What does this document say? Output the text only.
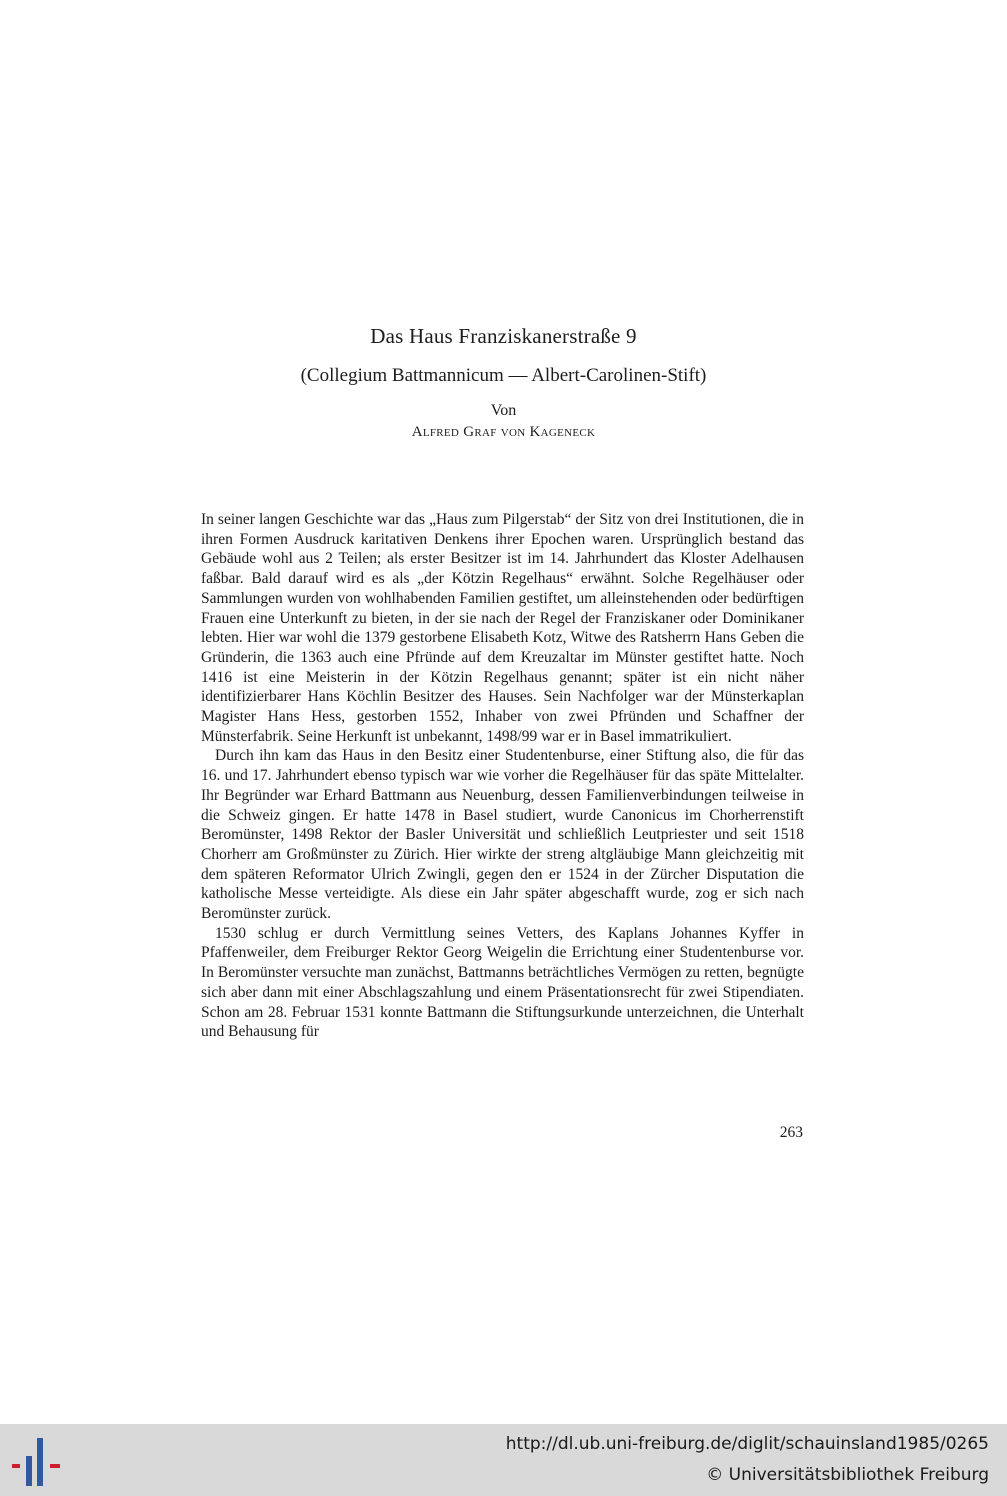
Das Haus Franziskanerstraße 9
(Collegium Battmannicum — Albert-Carolinen-Stift)
Von
Alfred Graf von Kageneck

In seiner langen Geschichte war das „Haus zum Pilgerstab“ der Sitz von drei Institutionen, die in ihren Formen Ausdruck karitativen Denkens ihrer Epochen waren. Ursprünglich bestand das Gebäude wohl aus 2 Teilen; als erster Besitzer ist im 14. Jahrhundert das Kloster Adelhausen faßbar. Bald darauf wird es als „der Kötzin Regelhaus“ erwähnt. Solche Regelhäuser oder Sammlungen wurden von wohlhabenden Familien gestiftet, um alleinstehenden oder bedürftigen Frauen eine Unterkunft zu bieten, in der sie nach der Regel der Franziskaner oder Dominikaner lebten. Hier war wohl die 1379 gestorbene Elisabeth Kotz, Witwe des Ratsherrn Hans Geben die Gründerin, die 1363 auch eine Pfründe auf dem Kreuzaltar im Münster gestiftet hatte. Noch 1416 ist eine Meisterin in der Kötzin Regelhaus genannt; später ist ein nicht näher identifizierbarer Hans Köchlin Besitzer des Hauses. Sein Nachfolger war der Münsterkaplan Magister Hans Hess, gestorben 1552, Inhaber von zwei Pfründen und Schaffner der Münsterfabrik. Seine Herkunft ist unbekannt, 1498/99 war er in Basel immatrikuliert.

Durch ihn kam das Haus in den Besitz einer Studentenburse, einer Stiftung also, die für das 16. und 17. Jahrhundert ebenso typisch war wie vorher die Regelhäuser für das späte Mittelalter. Ihr Begründer war Erhard Battmann aus Neuenburg, dessen Familienverbindungen teilweise in die Schweiz gingen. Er hatte 1478 in Basel studiert, wurde Canonicus im Chorherrenstift Beromünster, 1498 Rektor der Basler Universität und schließlich Leutpriester und seit 1518 Chorherr am Großmünster zu Zürich. Hier wirkte der streng altgläubige Mann gleichzeitig mit dem späteren Reformator Ulrich Zwingli, gegen den er 1524 in der Zürcher Disputation die katholische Messe verteidigte. Als diese ein Jahr später abgeschafft wurde, zog er sich nach Beromünster zurück.

1530 schlug er durch Vermittlung seines Vetters, des Kaplans Johannes Kyffer in Pfaffenweiler, dem Freiburger Rektor Georg Weigelin die Errichtung einer Studentenburse vor. In Beromünster versuchte man zunächst, Battmanns beträchtliches Vermögen zu retten, begnügte sich aber dann mit einer Abschlagszahlung und einem Präsentationsrecht für zwei Stipendiaten. Schon am 28. Februar 1531 konnte Battmann die Stiftungsurkunde unterzeichnen, die Unterhalt und Behausung für

263
http://dl.ub.uni-freiburg.de/diglit/schauinsland1985/0265
© Universitätsbibliothek Freiburg
